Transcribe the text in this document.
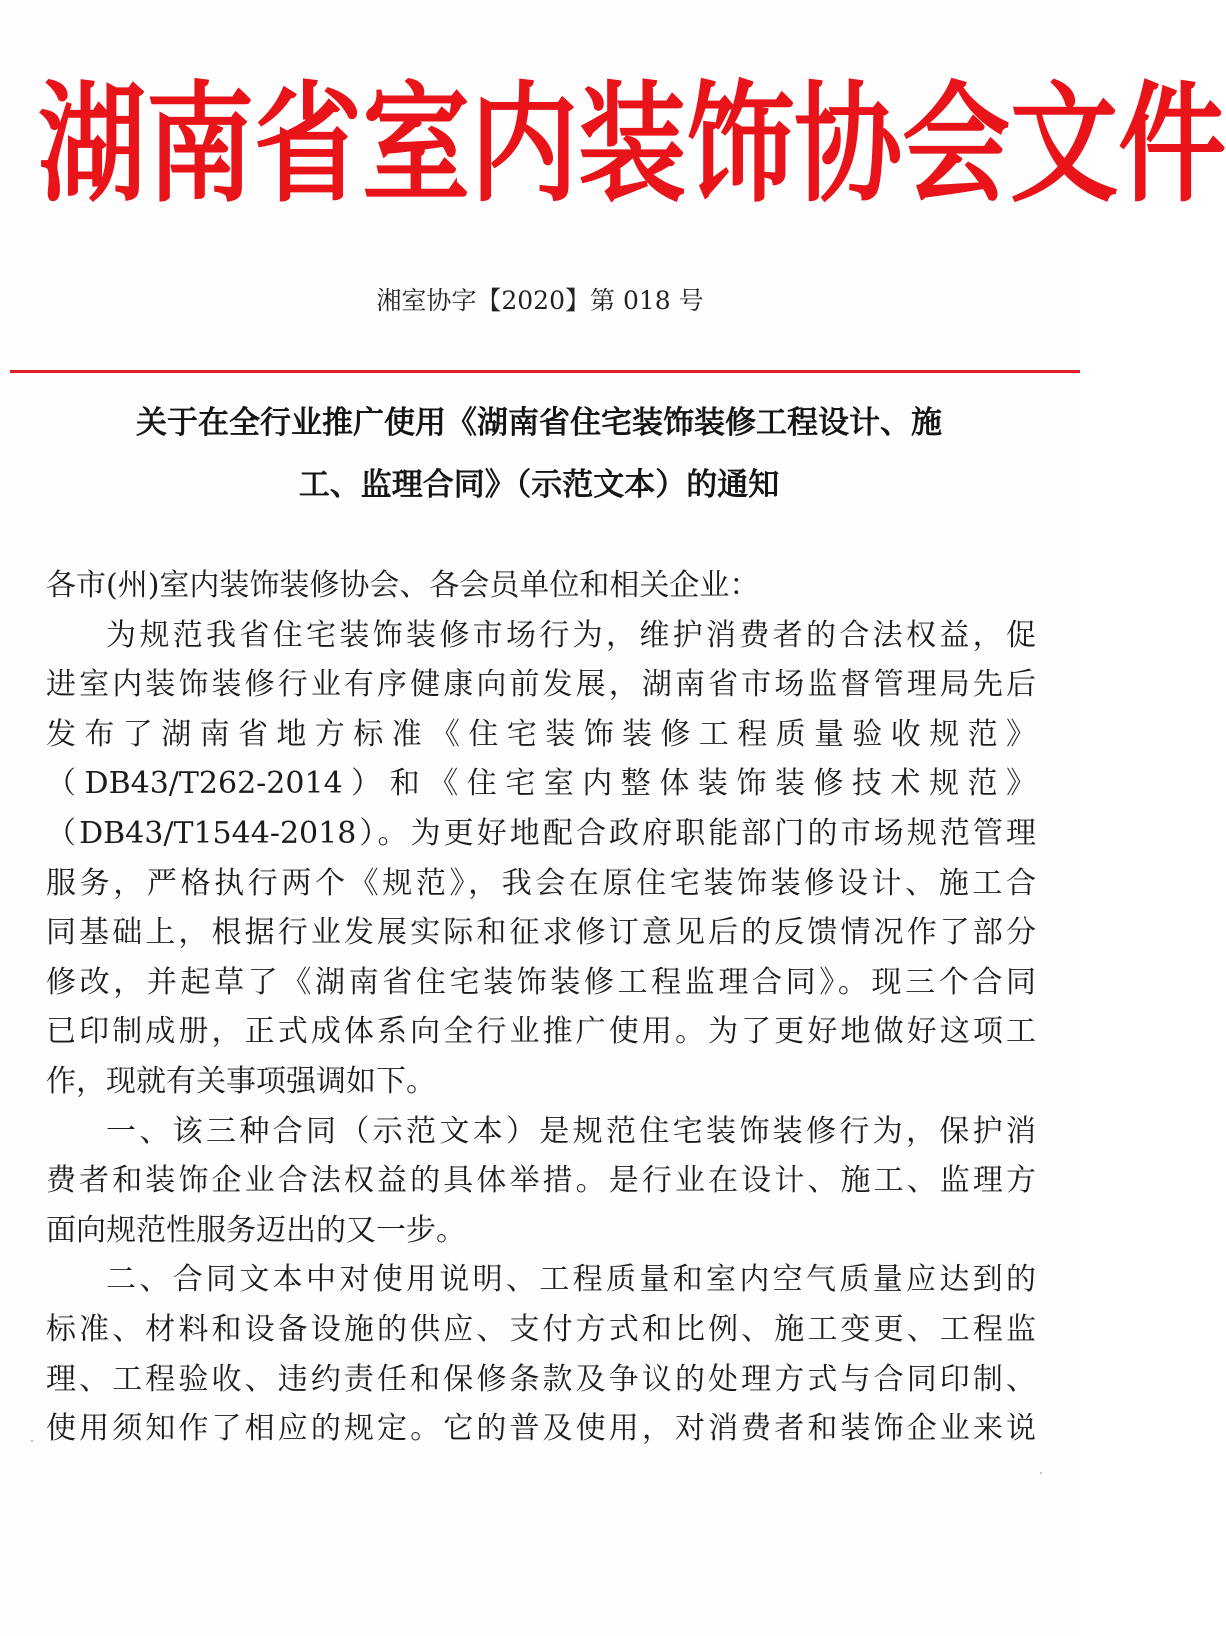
湖 南 省 室 内 装 饰 协 会 文 件
湘室协字【2020】第 018 号
关于在全行业推广使用《湖南省住宅装饰装修工程设计、施
工、监理合同》（示范文本）的通知
各市(州)室内装饰装修协会、各会员单位和相关企业：
为规范我省住宅装饰装修市场行为，维护消费者的合法权益，促
进室内装饰装修行业有序健康向前发展，湖南省市场监督管理局先后
发布了湖南省地方标准《住宅装饰装修工程质量验收规范》
（DB43/T262-2014）和《住宅室内整体装饰装修技术规范》
（DB43/T1544-2018）。为更好地配合政府职能部门的市场规范管理
服务，严格执行两个《规范》，我会在原住宅装饰装修设计、施工合
同基础上，根据行业发展实际和征求修订意见后的反馈情况作了部分
修改，并起草了《湖南省住宅装饰装修工程监理合同》。现三个合同
已印制成册，正式成体系向全行业推广使用。为了更好地做好这项工
作，现就有关事项强调如下。
一、该三种合同（示范文本）是规范住宅装饰装修行为，保护消
费者和装饰企业合法权益的具体举措。是行业在设计、施工、监理方
面向规范性服务迈出的又一步。
二、合同文本中对使用说明、工程质量和室内空气质量应达到的
标准、材料和设备设施的供应、支付方式和比例、施工变更、工程监
理、工程验收、违约责任和保修条款及争议的处理方式与合同印制、
使用须知作了相应的规定。它的普及使用，对消费者和装饰企业来说
